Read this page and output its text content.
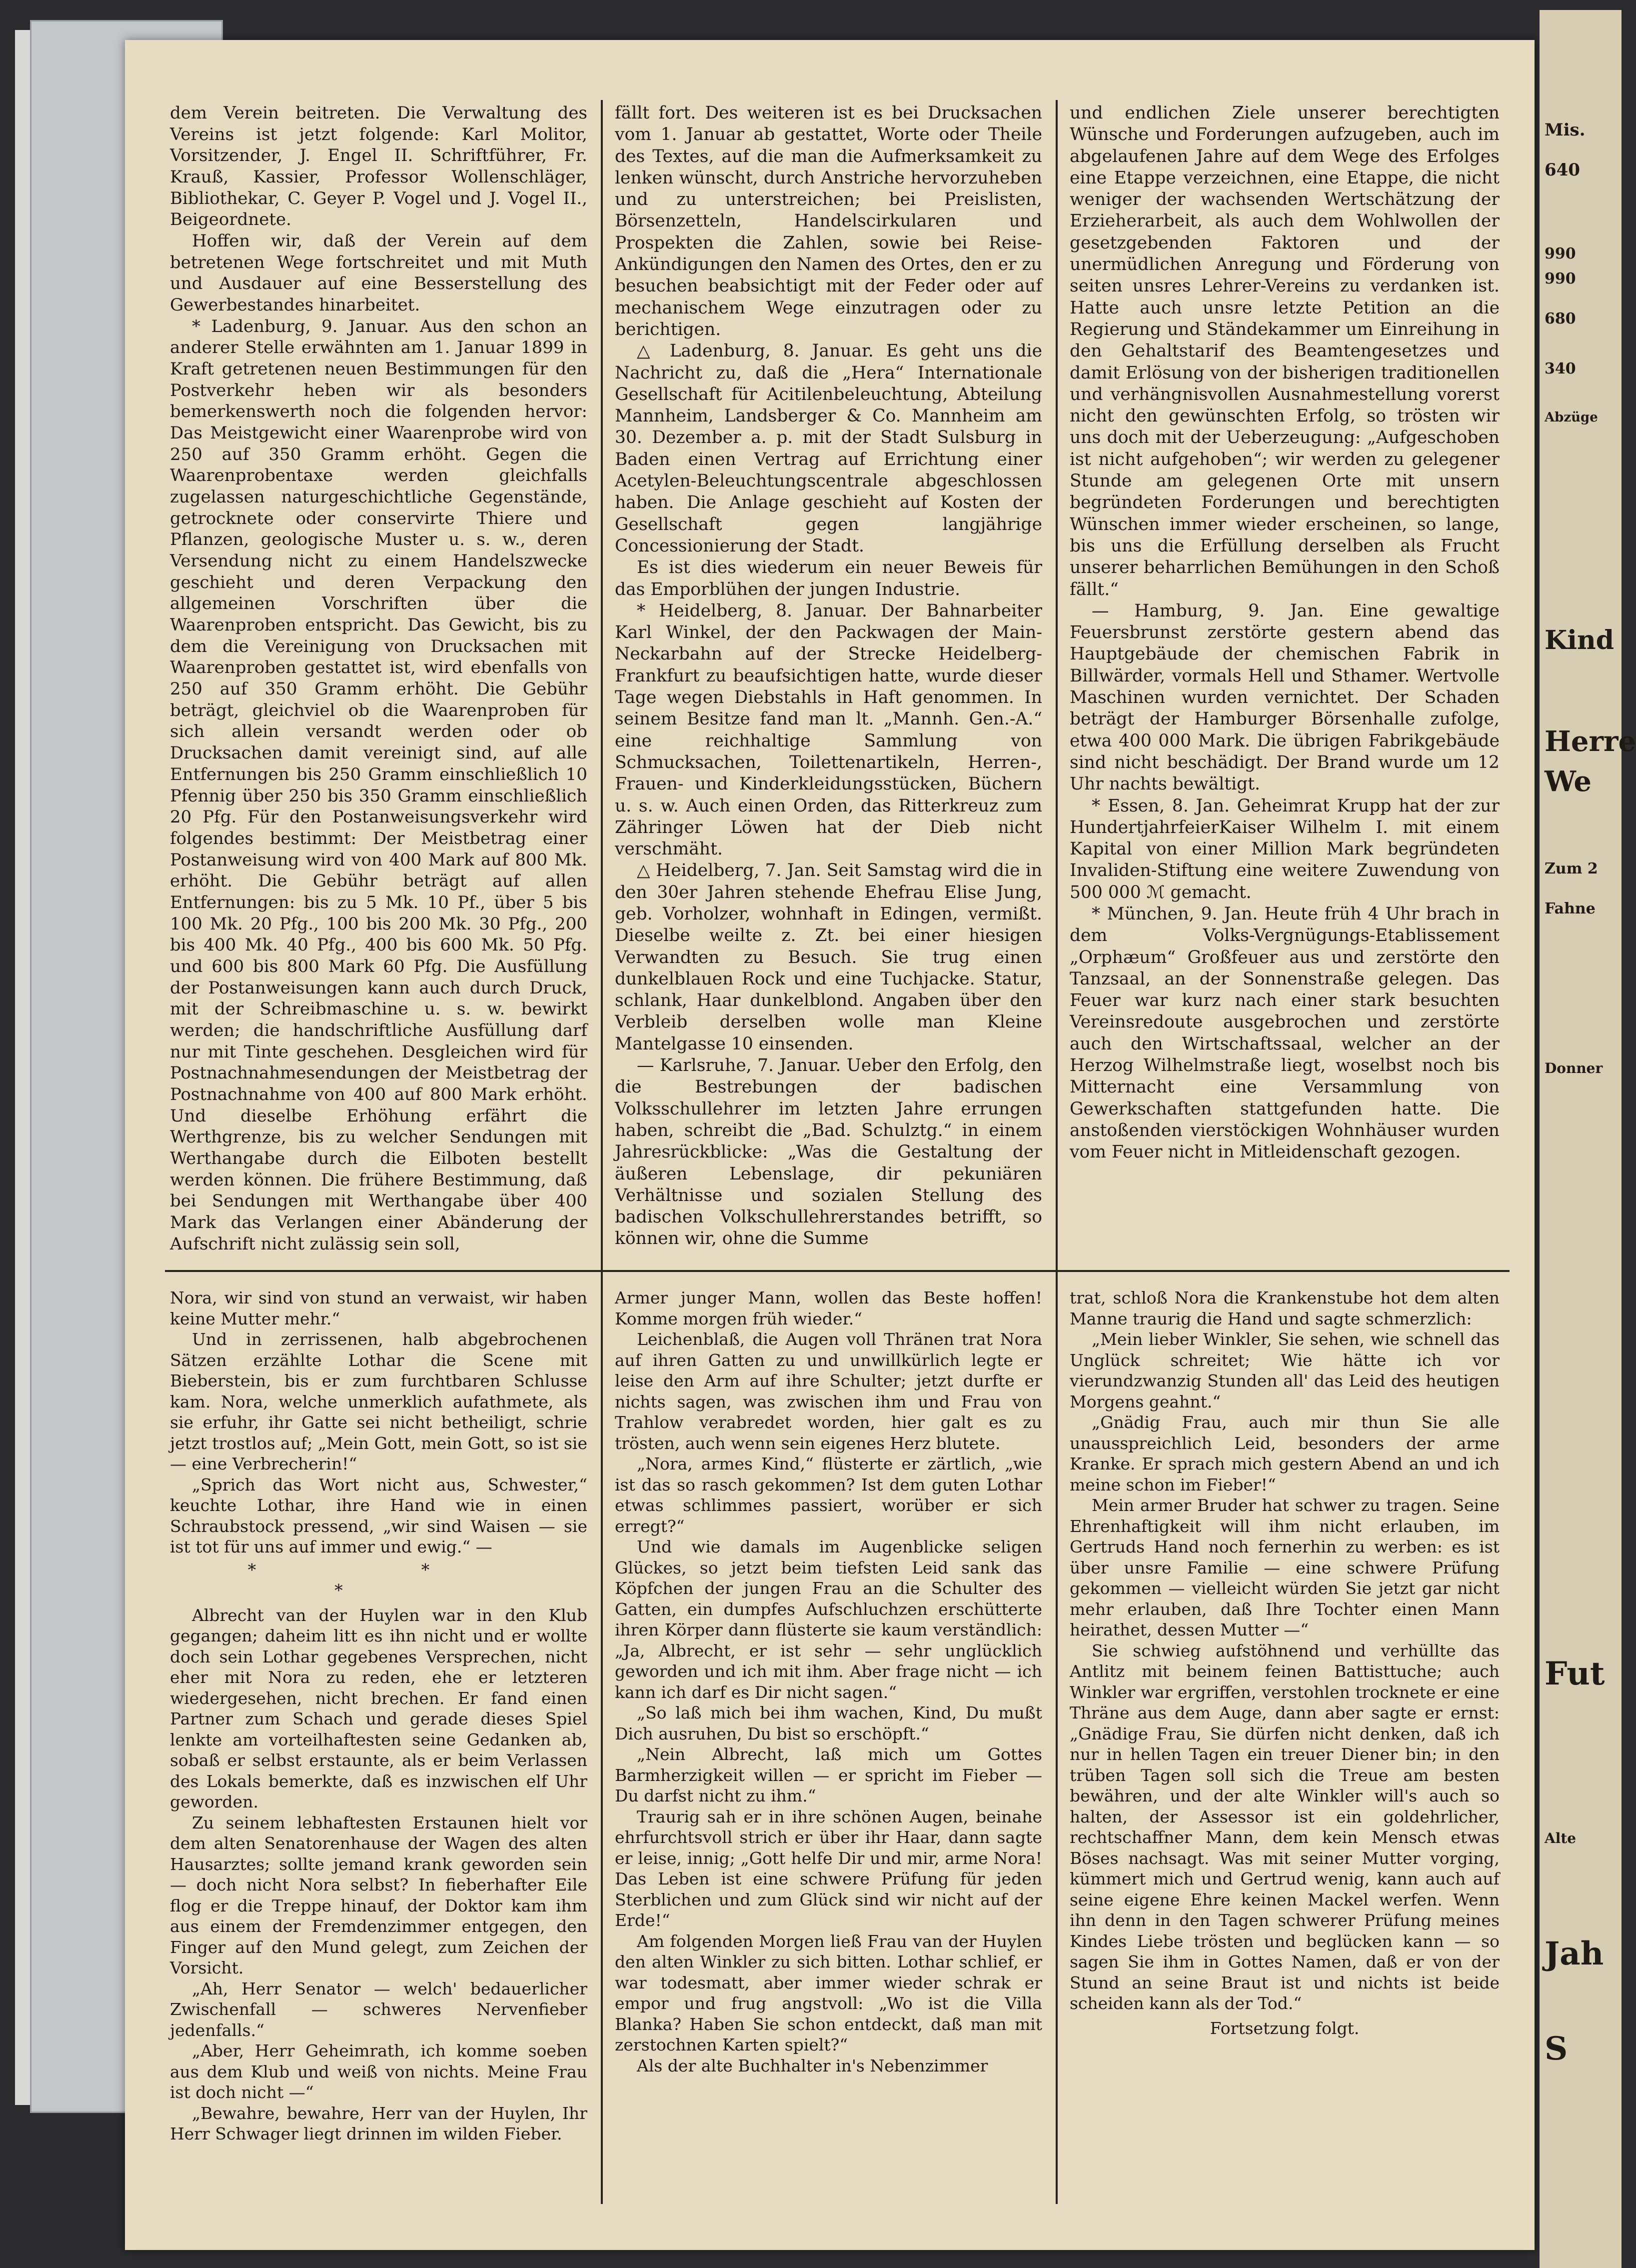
dem Verein beitreten. Die Verwaltung des Vereins ist jetzt folgende: Karl Molitor, Vorsitzender, J. Engel II. Schriftführer, Fr. Krauß, Kassier, Professor Wollenschläger, Bibliothekar, C. Geyer P. Vogel und J. Vogel II., Beigeordnete.

Hoffen wir, daß der Verein auf dem betretenen Wege fortschreitet und mit Muth und Ausdauer auf eine Besserstellung des Gewerbestandes hinarbeitet.

* Ladenburg, 9. Januar. Aus den schon an anderer Stelle erwähnten am 1. Januar 1899 in Kraft getretenen neuen Bestimmungen für den Postverkehr heben wir als besonders bemerkenswerth noch die folgenden hervor: Das Meistgewicht einer Waarenprobe wird von 250 auf 350 Gramm erhöht. Gegen die Waarenprobentaxe werden gleichfalls zugelassen naturgeschichtliche Gegenstände, getrocknete oder conservirte Thiere und Pflanzen, geologische Muster u. s. w., deren Versendung nicht zu einem Handelszwecke geschieht und deren Verpackung den allgemeinen Vorschriften über die Waarenproben entspricht. Das Gewicht, bis zu dem die Vereinigung von Drucksachen mit Waarenproben gestattet ist, wird ebenfalls von 250 auf 350 Gramm erhöht. Die Gebühr beträgt, gleichviel ob die Waarenproben für sich allein versandt werden oder ob Drucksachen damit vereinigt sind, auf alle Entfernungen bis 250 Gramm einschließlich 10 Pfennig über 250 bis 350 Gramm einschließlich 20 Pfg. Für den Postanweisungsverkehr wird folgendes bestimmt: Der Meistbetrag einer Postanweisung wird von 400 Mark auf 800 Mk. erhöht. Die Gebühr beträgt auf allen Entfernungen: bis zu 5 Mk. 10 Pf., über 5 bis 100 Mk. 20 Pfg., 100 bis 200 Mk. 30 Pfg., 200 bis 400 Mk. 40 Pfg., 400 bis 600 Mk. 50 Pfg. und 600 bis 800 Mark 60 Pfg. Die Ausfüllung der Postanweisungen kann auch durch Druck, mit der Schreibmaschine u. s. w. bewirkt werden; die handschriftliche Ausfüllung darf nur mit Tinte geschehen. Desgleichen wird für Postnachnahmesendungen der Meistbetrag der Postnachnahme von 400 auf 800 Mark erhöht. Und dieselbe Erhöhung erfährt die Werthgrenze, bis zu welcher Sendungen mit Werthangabe durch die Eilboten bestellt werden können. Die frühere Bestimmung, daß bei Sendungen mit Werthangabe über 400 Mark das Verlangen einer Abänderung der Aufschrift nicht zulässig sein soll,

fällt fort. Des weiteren ist es bei Drucksachen vom 1. Januar ab gestattet, Worte oder Theile des Textes, auf die man die Aufmerksamkeit zu lenken wünscht, durch Anstriche hervorzuheben und zu unterstreichen; bei Preislisten, Börsenzetteln, Handelscirkularen und Prospekten die Zahlen, sowie bei Reise-Ankündigungen den Namen des Ortes, den er zu besuchen beabsichtigt mit der Feder oder auf mechanischem Wege einzutragen oder zu berichtigen.

△ Ladenburg, 8. Januar. Es geht uns die Nachricht zu, daß die „Hera“ Internationale Gesellschaft für Acitilenbeleuchtung, Abteilung Mannheim, Landsberger & Co. Mannheim am 30. Dezember a. p. mit der Stadt Sulsburg in Baden einen Vertrag auf Errichtung einer Acetylen-Beleuchtungscentrale abgeschlossen haben. Die Anlage geschieht auf Kosten der Gesellschaft gegen langjährige Concessionierung der Stadt.

Es ist dies wiederum ein neuer Beweis für das Emporblühen der jungen Industrie.

* Heidelberg, 8. Januar. Der Bahnarbeiter Karl Winkel, der den Packwagen der Main-Neckarbahn auf der Strecke Heidelberg-Frankfurt zu beaufsichtigen hatte, wurde dieser Tage wegen Diebstahls in Haft genommen. In seinem Besitze fand man lt. „Mannh. Gen.-A.“ eine reichhaltige Sammlung von Schmucksachen, Toilettenartikeln, Herren-, Frauen- und Kinderkleidungsstücken, Büchern u. s. w. Auch einen Orden, das Ritterkreuz zum Zähringer Löwen hat der Dieb nicht verschmäht.

△ Heidelberg, 7. Jan. Seit Samstag wird die in den 30er Jahren stehende Ehefrau Elise Jung, geb. Vorholzer, wohnhaft in Edingen, vermißt. Dieselbe weilte z. Zt. bei einer hiesigen Verwandten zu Besuch. Sie trug einen dunkelblauen Rock und eine Tuchjacke. Statur, schlank, Haar dunkelblond. Angaben über den Verbleib derselben wolle man Kleine Mantelgasse 10 einsenden.

— Karlsruhe, 7. Januar. Ueber den Erfolg, den die Bestrebungen der badischen Volksschullehrer im letzten Jahre errungen haben, schreibt die „Bad. Schulztg.“ in einem Jahresrückblicke: „Was die Gestaltung der äußeren Lebenslage, dir pekuniären Verhältnisse und sozialen Stellung des badischen Volkschullehrerstandes betrifft, so können wir, ohne die Summe

und endlichen Ziele unserer berechtigten Wünsche und Forderungen aufzugeben, auch im abgelaufenen Jahre auf dem Wege des Erfolges eine Etappe verzeichnen, eine Etappe, die nicht weniger der wachsenden Wertschätzung der Erzieherarbeit, als auch dem Wohlwollen der gesetzgebenden Faktoren und der unermüdlichen Anregung und Förderung von seiten unsres Lehrer-Vereins zu verdanken ist. Hatte auch unsre letzte Petition an die Regierung und Ständekammer um Einreihung in den Gehaltstarif des Beamtengesetzes und damit Erlösung von der bisherigen traditionellen und verhängnisvollen Ausnahmestellung vorerst nicht den gewünschten Erfolg, so trösten wir uns doch mit der Ueberzeugung: „Aufgeschoben ist nicht aufgehoben“; wir werden zu gelegener Stunde am gelegenen Orte mit unsern begründeten Forderungen und berechtigten Wünschen immer wieder erscheinen, so lange, bis uns die Erfüllung derselben als Frucht unserer beharrlichen Bemühungen in den Schoß fällt.“

— Hamburg, 9. Jan. Eine gewaltige Feuersbrunst zerstörte gestern abend das Hauptgebäude der chemischen Fabrik in Billwärder, vormals Hell und Sthamer. Wertvolle Maschinen wurden vernichtet. Der Schaden beträgt der Hamburger Börsenhalle zufolge, etwa 400 000 Mark. Die übrigen Fabrikgebäude sind nicht beschädigt. Der Brand wurde um 12 Uhr nachts bewältigt.

* Essen, 8. Jan. Geheimrat Krupp hat der zur HundertjahrfeierKaiser Wilhelm I. mit einem Kapital von einer Million Mark begründeten Invaliden-Stiftung eine weitere Zuwendung von 500 000 ℳ gemacht.

* München, 9. Jan. Heute früh 4 Uhr brach in dem Volks-Vergnügungs-Etablissement „Orphæum“ Großfeuer aus und zerstörte den Tanzsaal, an der Sonnenstraße gelegen. Das Feuer war kurz nach einer stark besuchten Vereinsredoute ausgebrochen und zerstörte auch den Wirtschaftssaal, welcher an der Herzog Wilhelmstraße liegt, woselbst noch bis Mitternacht eine Versammlung von Gewerkschaften stattgefunden hatte. Die anstoßenden vierstöckigen Wohnhäuser wurden vom Feuer nicht in Mitleidenschaft gezogen.

Nora, wir sind von stund an verwaist, wir haben keine Mutter mehr.“

Und in zerrissenen, halb abgebrochenen Sätzen erzählte Lothar die Scene mit Bieberstein, bis er zum furchtbaren Schlusse kam. Nora, welche unmerklich aufathmete, als sie erfuhr, ihr Gatte sei nicht betheiligt, schrie jetzt trostlos auf; „Mein Gott, mein Gott, so ist sie — eine Verbrecherin!“

„Sprich das Wort nicht aus, Schwester,“ keuchte Lothar, ihre Hand wie in einen Schraubstock pressend, „wir sind Waisen — sie ist tot für uns auf immer und ewig.“ —

* * *

Albrecht van der Huylen war in den Klub gegangen; daheim litt es ihn nicht und er wollte doch sein Lothar gegebenes Versprechen, nicht eher mit Nora zu reden, ehe er letzteren wiedergesehen, nicht brechen. Er fand einen Partner zum Schach und gerade dieses Spiel lenkte am vorteilhaftesten seine Gedanken ab, sobaß er selbst erstaunte, als er beim Verlassen des Lokals bemerkte, daß es inzwischen elf Uhr geworden.

Zu seinem lebhaftesten Erstaunen hielt vor dem alten Senatorenhause der Wagen des alten Hausarztes; sollte jemand krank geworden sein — doch nicht Nora selbst? In fieberhafter Eile flog er die Treppe hinauf, der Doktor kam ihm aus einem der Fremdenzimmer entgegen, den Finger auf den Mund gelegt, zum Zeichen der Vorsicht.

„Ah, Herr Senator — welch' bedauerlicher Zwischenfall — schweres Nervenfieber jedenfalls.“

„Aber, Herr Geheimrath, ich komme soeben aus dem Klub und weiß von nichts. Meine Frau ist doch nicht —“

„Bewahre, bewahre, Herr van der Huylen, Ihr Herr Schwager liegt drinnen im wilden Fieber.

Armer junger Mann, wollen das Beste hoffen! Komme morgen früh wieder.“

Leichenblaß, die Augen voll Thränen trat Nora auf ihren Gatten zu und unwillkürlich legte er leise den Arm auf ihre Schulter; jetzt durfte er nichts sagen, was zwischen ihm und Frau von Trahlow verabredet worden, hier galt es zu trösten, auch wenn sein eigenes Herz blutete.

„Nora, armes Kind,“ flüsterte er zärtlich, „wie ist das so rasch gekommen? Ist dem guten Lothar etwas schlimmes passiert, worüber er sich erregt?“

Und wie damals im Augenblicke seligen Glückes, so jetzt beim tiefsten Leid sank das Köpfchen der jungen Frau an die Schulter des Gatten, ein dumpfes Aufschluchzen erschütterte ihren Körper dann flüsterte sie kaum verständlich: „Ja, Albrecht, er ist sehr — sehr unglücklich geworden und ich mit ihm. Aber frage nicht — ich kann ich darf es Dir nicht sagen.“

„So laß mich bei ihm wachen, Kind, Du mußt Dich ausruhen, Du bist so erschöpft.“

„Nein Albrecht, laß mich um Gottes Barmherzigkeit willen — er spricht im Fieber — Du darfst nicht zu ihm.“

Traurig sah er in ihre schönen Augen, beinahe ehrfurchtsvoll strich er über ihr Haar, dann sagte er leise, innig; „Gott helfe Dir und mir, arme Nora! Das Leben ist eine schwere Prüfung für jeden Sterblichen und zum Glück sind wir nicht auf der Erde!“

Am folgenden Morgen ließ Frau van der Huylen den alten Winkler zu sich bitten. Lothar schlief, er war todesmatt, aber immer wieder schrak er empor und frug angstvoll: „Wo ist die Villa Blanka? Haben Sie schon entdeckt, daß man mit zerstochnen Karten spielt?“

Als der alte Buchhalter in's Nebenzimmer

trat, schloß Nora die Krankenstube hot dem alten Manne traurig die Hand und sagte schmerzlich:

„Mein lieber Winkler, Sie sehen, wie schnell das Unglück schreitet; Wie hätte ich vor vierundzwanzig Stunden all' das Leid des heutigen Morgens geahnt.“

„Gnädig Frau, auch mir thun Sie alle unausspreichlich Leid, besonders der arme Kranke. Er sprach mich gestern Abend an und ich meine schon im Fieber!“

Mein armer Bruder hat schwer zu tragen. Seine Ehrenhaftigkeit will ihm nicht erlauben, im Gertruds Hand noch fernerhin zu werben: es ist über unsre Familie — eine schwere Prüfung gekommen — vielleicht würden Sie jetzt gar nicht mehr erlauben, daß Ihre Tochter einen Mann heirathet, dessen Mutter —“

Sie schwieg aufstöhnend und verhüllte das Antlitz mit beinem feinen Battisttuche; auch Winkler war ergriffen, verstohlen trocknete er eine Thräne aus dem Auge, dann aber sagte er ernst: „Gnädige Frau, Sie dürfen nicht denken, daß ich nur in hellen Tagen ein treuer Diener bin; in den trüben Tagen soll sich die Treue am besten bewähren, und der alte Winkler will's auch so halten, der Assessor ist ein goldehrlicher, rechtschaffner Mann, dem kein Mensch etwas Böses nachsagt. Was mit seiner Mutter vorging, kümmert mich und Gertrud wenig, kann auch auf seine eigene Ehre keinen Mackel werfen. Wenn ihn denn in den Tagen schwerer Prüfung meines Kindes Liebe trösten und beglücken kann — so sagen Sie ihm in Gottes Namen, daß er von der Stund an seine Braut ist und nichts ist beide scheiden kann als der Tod.“

Fortsetzung folgt.

Mis.
640
990
990
680
340
Abzüge
Kind
Herre
We
Zum 2
Fahne
Donner
Fut
Alte
Jah
S
